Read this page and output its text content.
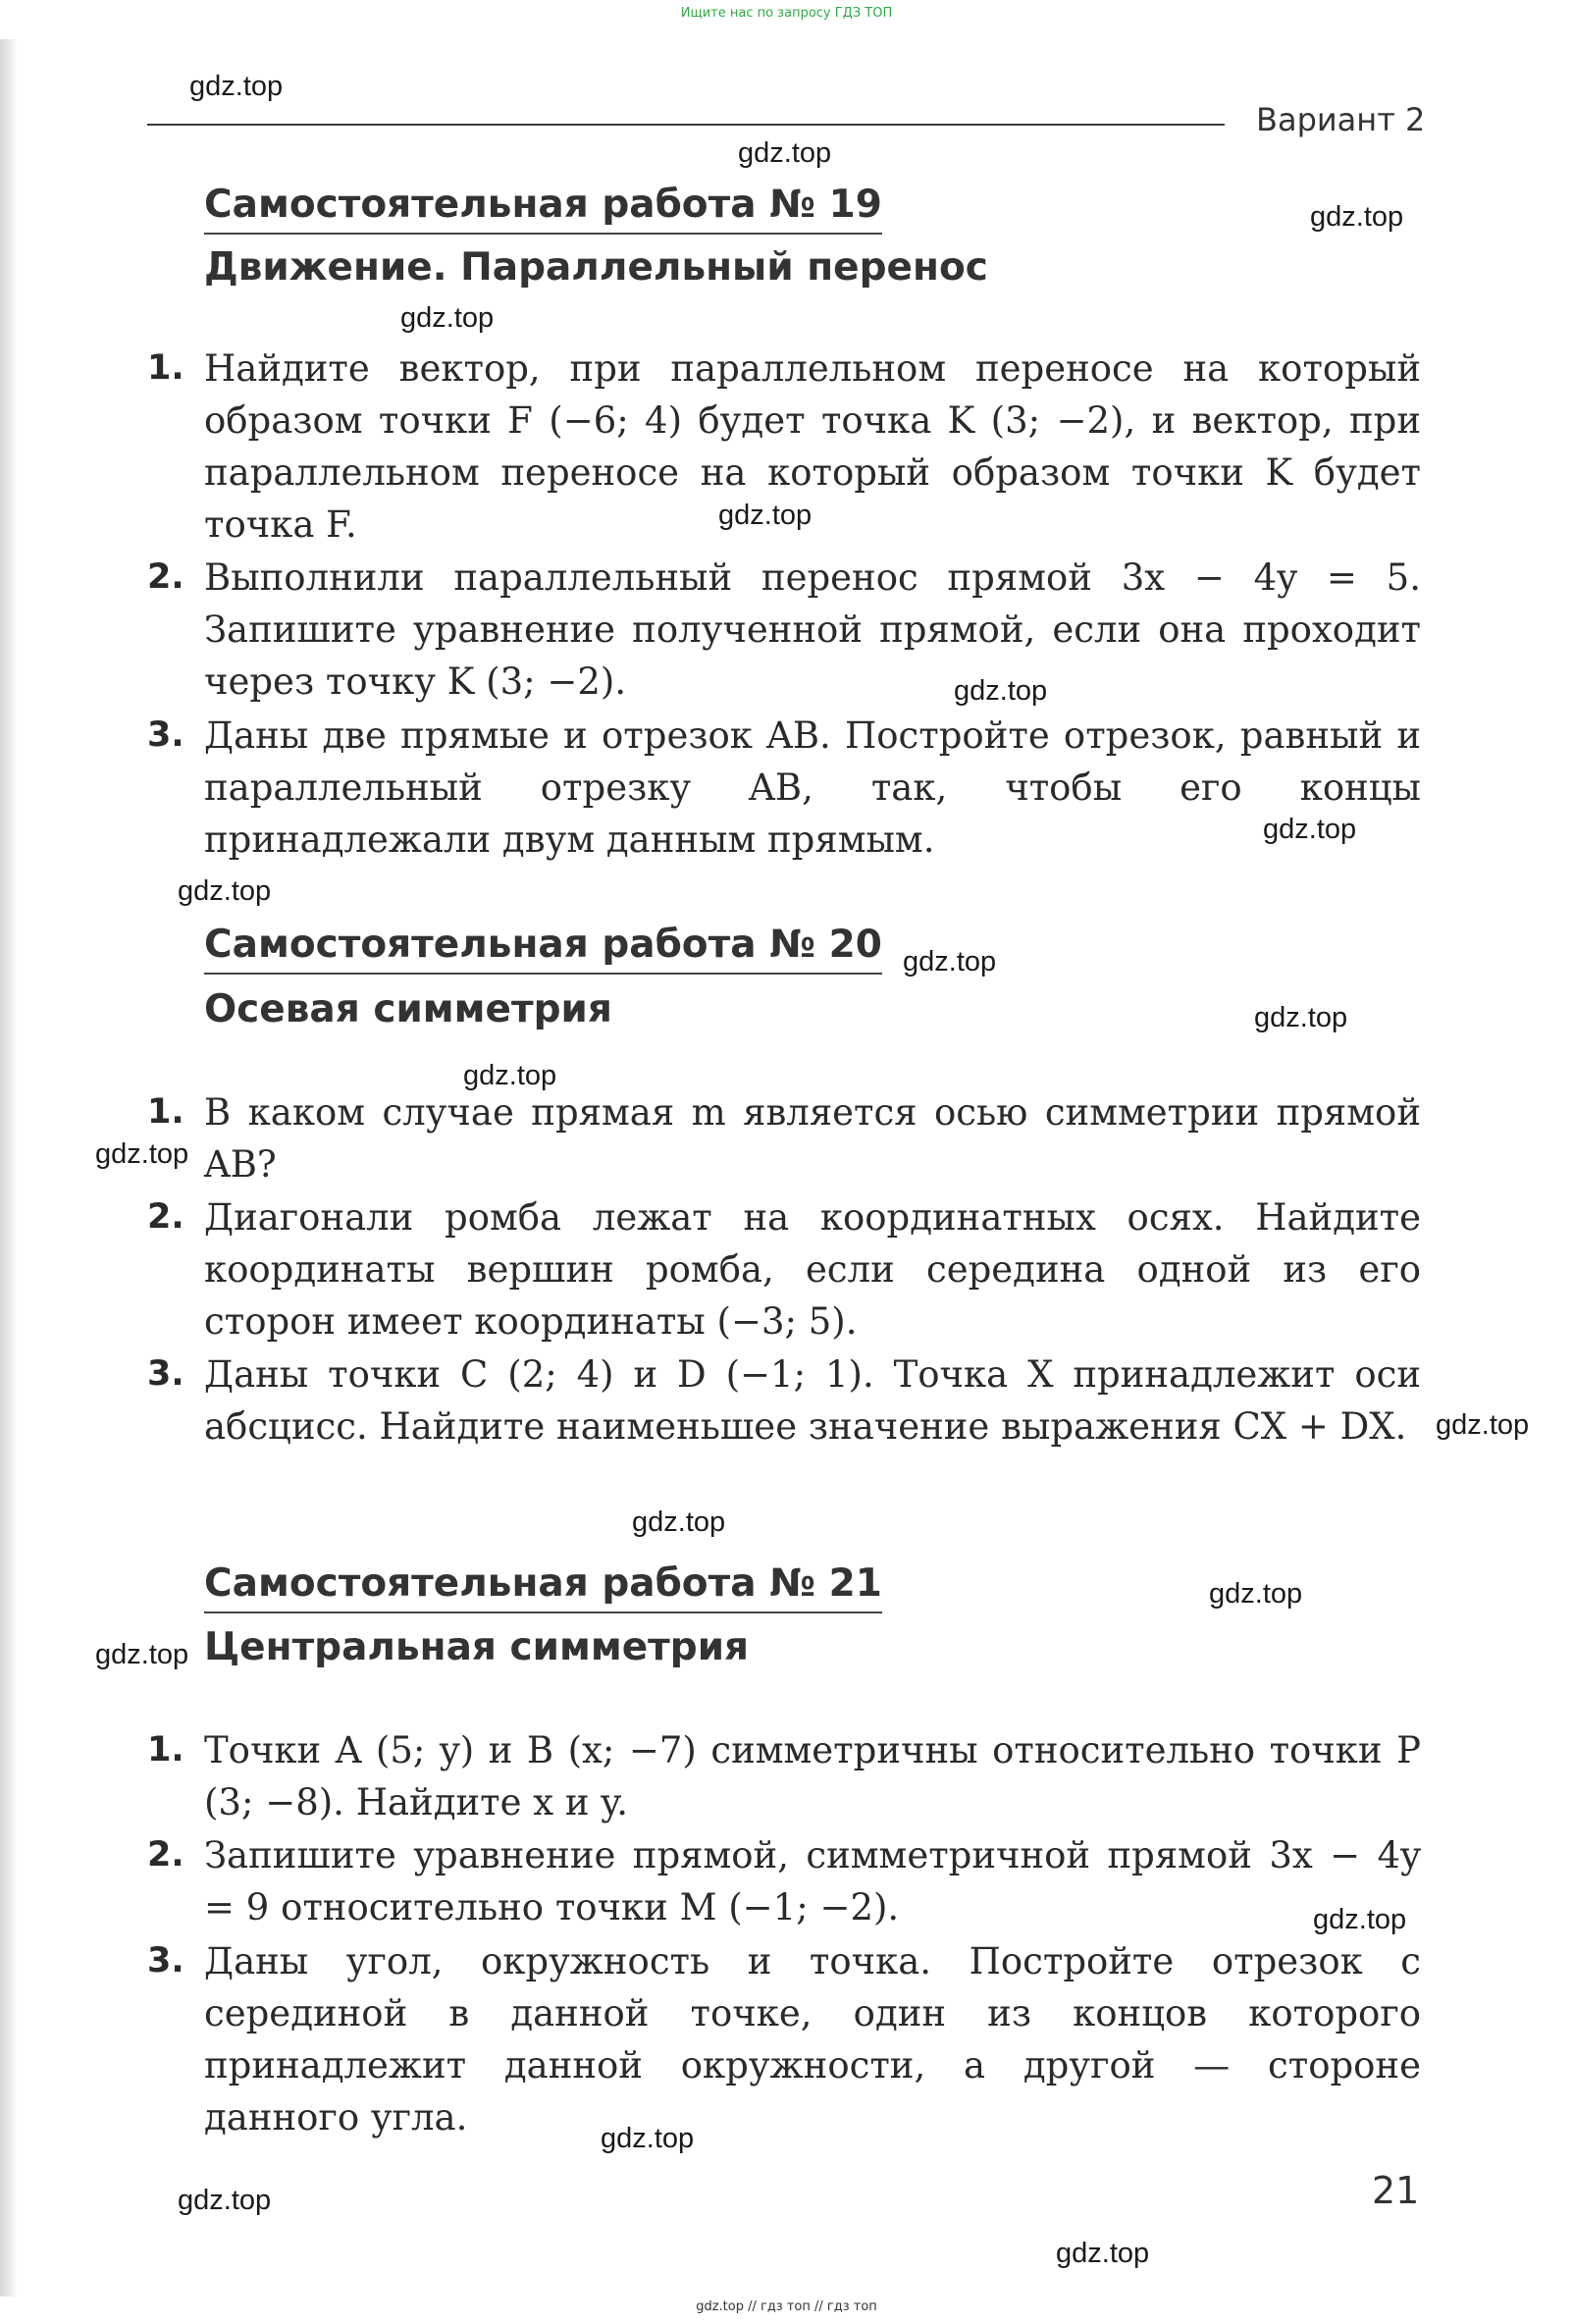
Ищите нас по запросу ГДЗ ТОП
Вариант 2
Самостоятельная работа № 19
Движение. Параллельный перенос
1. Найдите вектор, при параллельном переносе на который образом точки F (−6; 4) будет точка K (3; −2), и вектор, при параллельном переносе на который образом точки K будет точка F.
2. Выполнили параллельный перенос прямой 3x − 4y = 5. Запишите уравнение полученной прямой, если она проходит через точку K (3; −2).
3. Даны две прямые и отрезок AB. Постройте отрезок, равный и параллельный отрезку AB, так, чтобы его концы принадлежали двум данным прямым.
Самостоятельная работа № 20
Осевая симметрия
1. В каком случае прямая m является осью симметрии прямой AB?
2. Диагонали ромба лежат на координатных осях. Найдите координаты вершин ромба, если середина одной из его сторон имеет координаты (−3; 5).
3. Даны точки C (2; 4) и D (−1; 1). Точка X принадлежит оси абсцисс. Найдите наименьшее значение выражения CX + DX.
Самостоятельная работа № 21
Центральная симметрия
1. Точки A (5; y) и B (x; −7) симметричны относительно точки P (3; −8). Найдите x и y.
2. Запишите уравнение прямой, симметричной прямой 3x − 4y = 9 относительно точки M (−1; −2).
3. Даны угол, окружность и точка. Постройте отрезок с серединой в данной точке, один из концов которого принадлежит данной окружности, а другой — стороне данного угла.
21
gdz.top
gdz.top
gdz.top
gdz.top
gdz.top
gdz.top
gdz.top
gdz.top
gdz.top
gdz.top
gdz.top
gdz.top
gdz.top
gdz.top
gdz.top
gdz.top
gdz.top
gdz.top
gdz.top
gdz.top
gdz.top // гдз топ // гдз топ
